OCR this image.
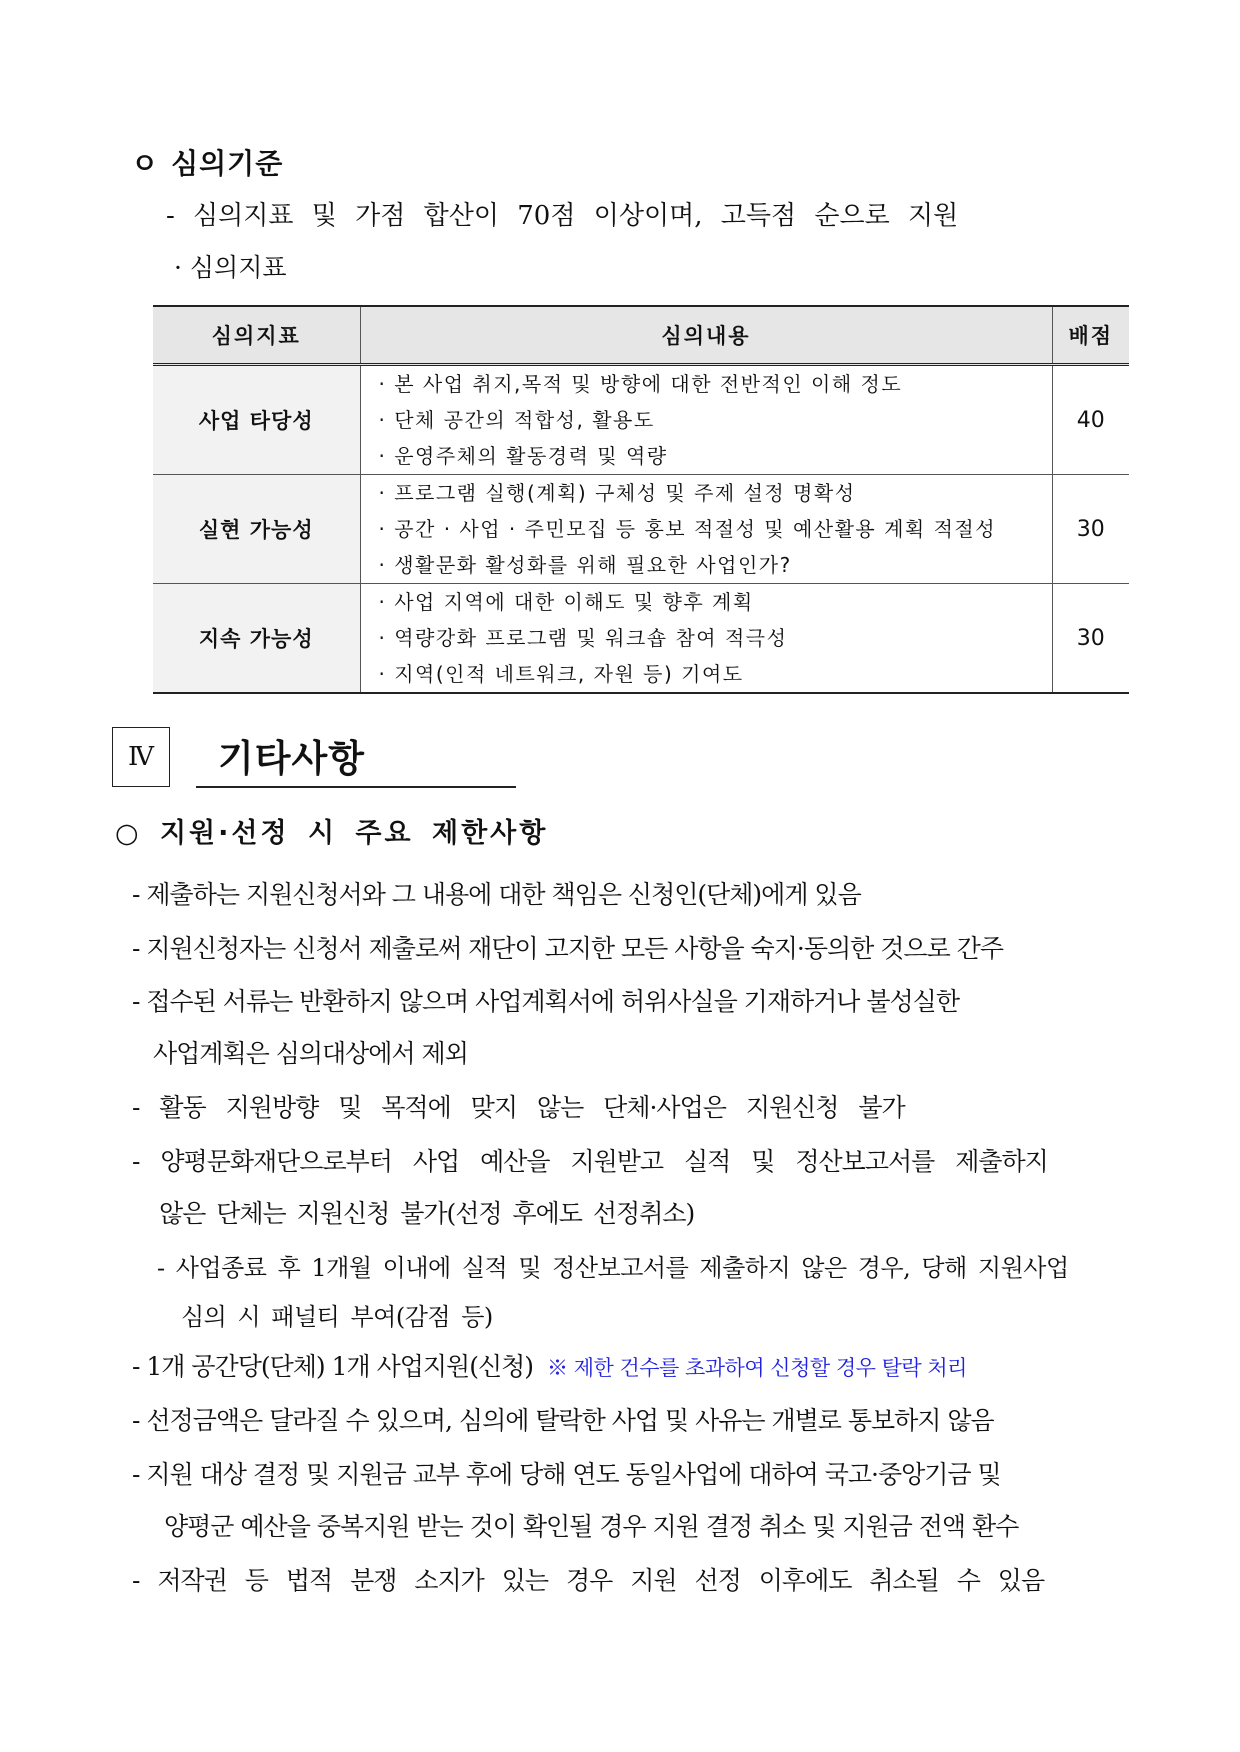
ㅇ 심의기준
- 심의지표 및 가점 합산이 70점 이상이며, 고득점 순으로 지원
· 심의지표
심의지표	심의내용	배점
사업 타당성	· 본 사업 취지,목적 및 방향에 대한 전반적인 이해 정도
· 단체 공간의 적합성, 활용도
· 운영주체의 활동경력 및 역량	40
실현 가능성	· 프로그램 실행(계획) 구체성 및 주제 설정 명확성
· 공간 · 사업 · 주민모집 등 홍보 적절성 및 예산활용 계획 적절성
· 생활문화 활성화를 위해 필요한 사업인가?	30
지속 가능성	· 사업 지역에 대한 이해도 및 향후 계획
· 역량강화 프로그램 및 워크숍 참여 적극성
· 지역(인적 네트워크, 자원 등) 기여도	30
Ⅳ	기타사항
○ 지원·선정 시 주요 제한사항
- 제출하는 지원신청서와 그 내용에 대한 책임은 신청인(단체)에게 있음
- 지원신청자는 신청서 제출로써 재단이 고지한 모든 사항을 숙지·동의한 것으로 간주
- 접수된 서류는 반환하지 않으며 사업계획서에 허위사실을 기재하거나 불성실한
사업계획은 심의대상에서 제외
- 활동 지원방향 및 목적에 맞지 않는 단체·사업은 지원신청 불가
- 양평문화재단으로부터 사업 예산을 지원받고 실적 및 정산보고서를 제출하지
않은 단체는 지원신청 불가(선정 후에도 선정취소)
- 사업종료 후 1개월 이내에 실적 및 정산보고서를 제출하지 않은 경우, 당해 지원사업
심의 시 패널티 부여(감점 등)
- 1개 공간당(단체) 1개 사업지원(신청) ※ 제한 건수를 초과하여 신청할 경우 탈락 처리
- 선정금액은 달라질 수 있으며, 심의에 탈락한 사업 및 사유는 개별로 통보하지 않음
- 지원 대상 결정 및 지원금 교부 후에 당해 연도 동일사업에 대하여 국고·중앙기금 및
양평군 예산을 중복지원 받는 것이 확인될 경우 지원 결정 취소 및 지원금 전액 환수
- 저작권 등 법적 분쟁 소지가 있는 경우 지원 선정 이후에도 취소될 수 있음
